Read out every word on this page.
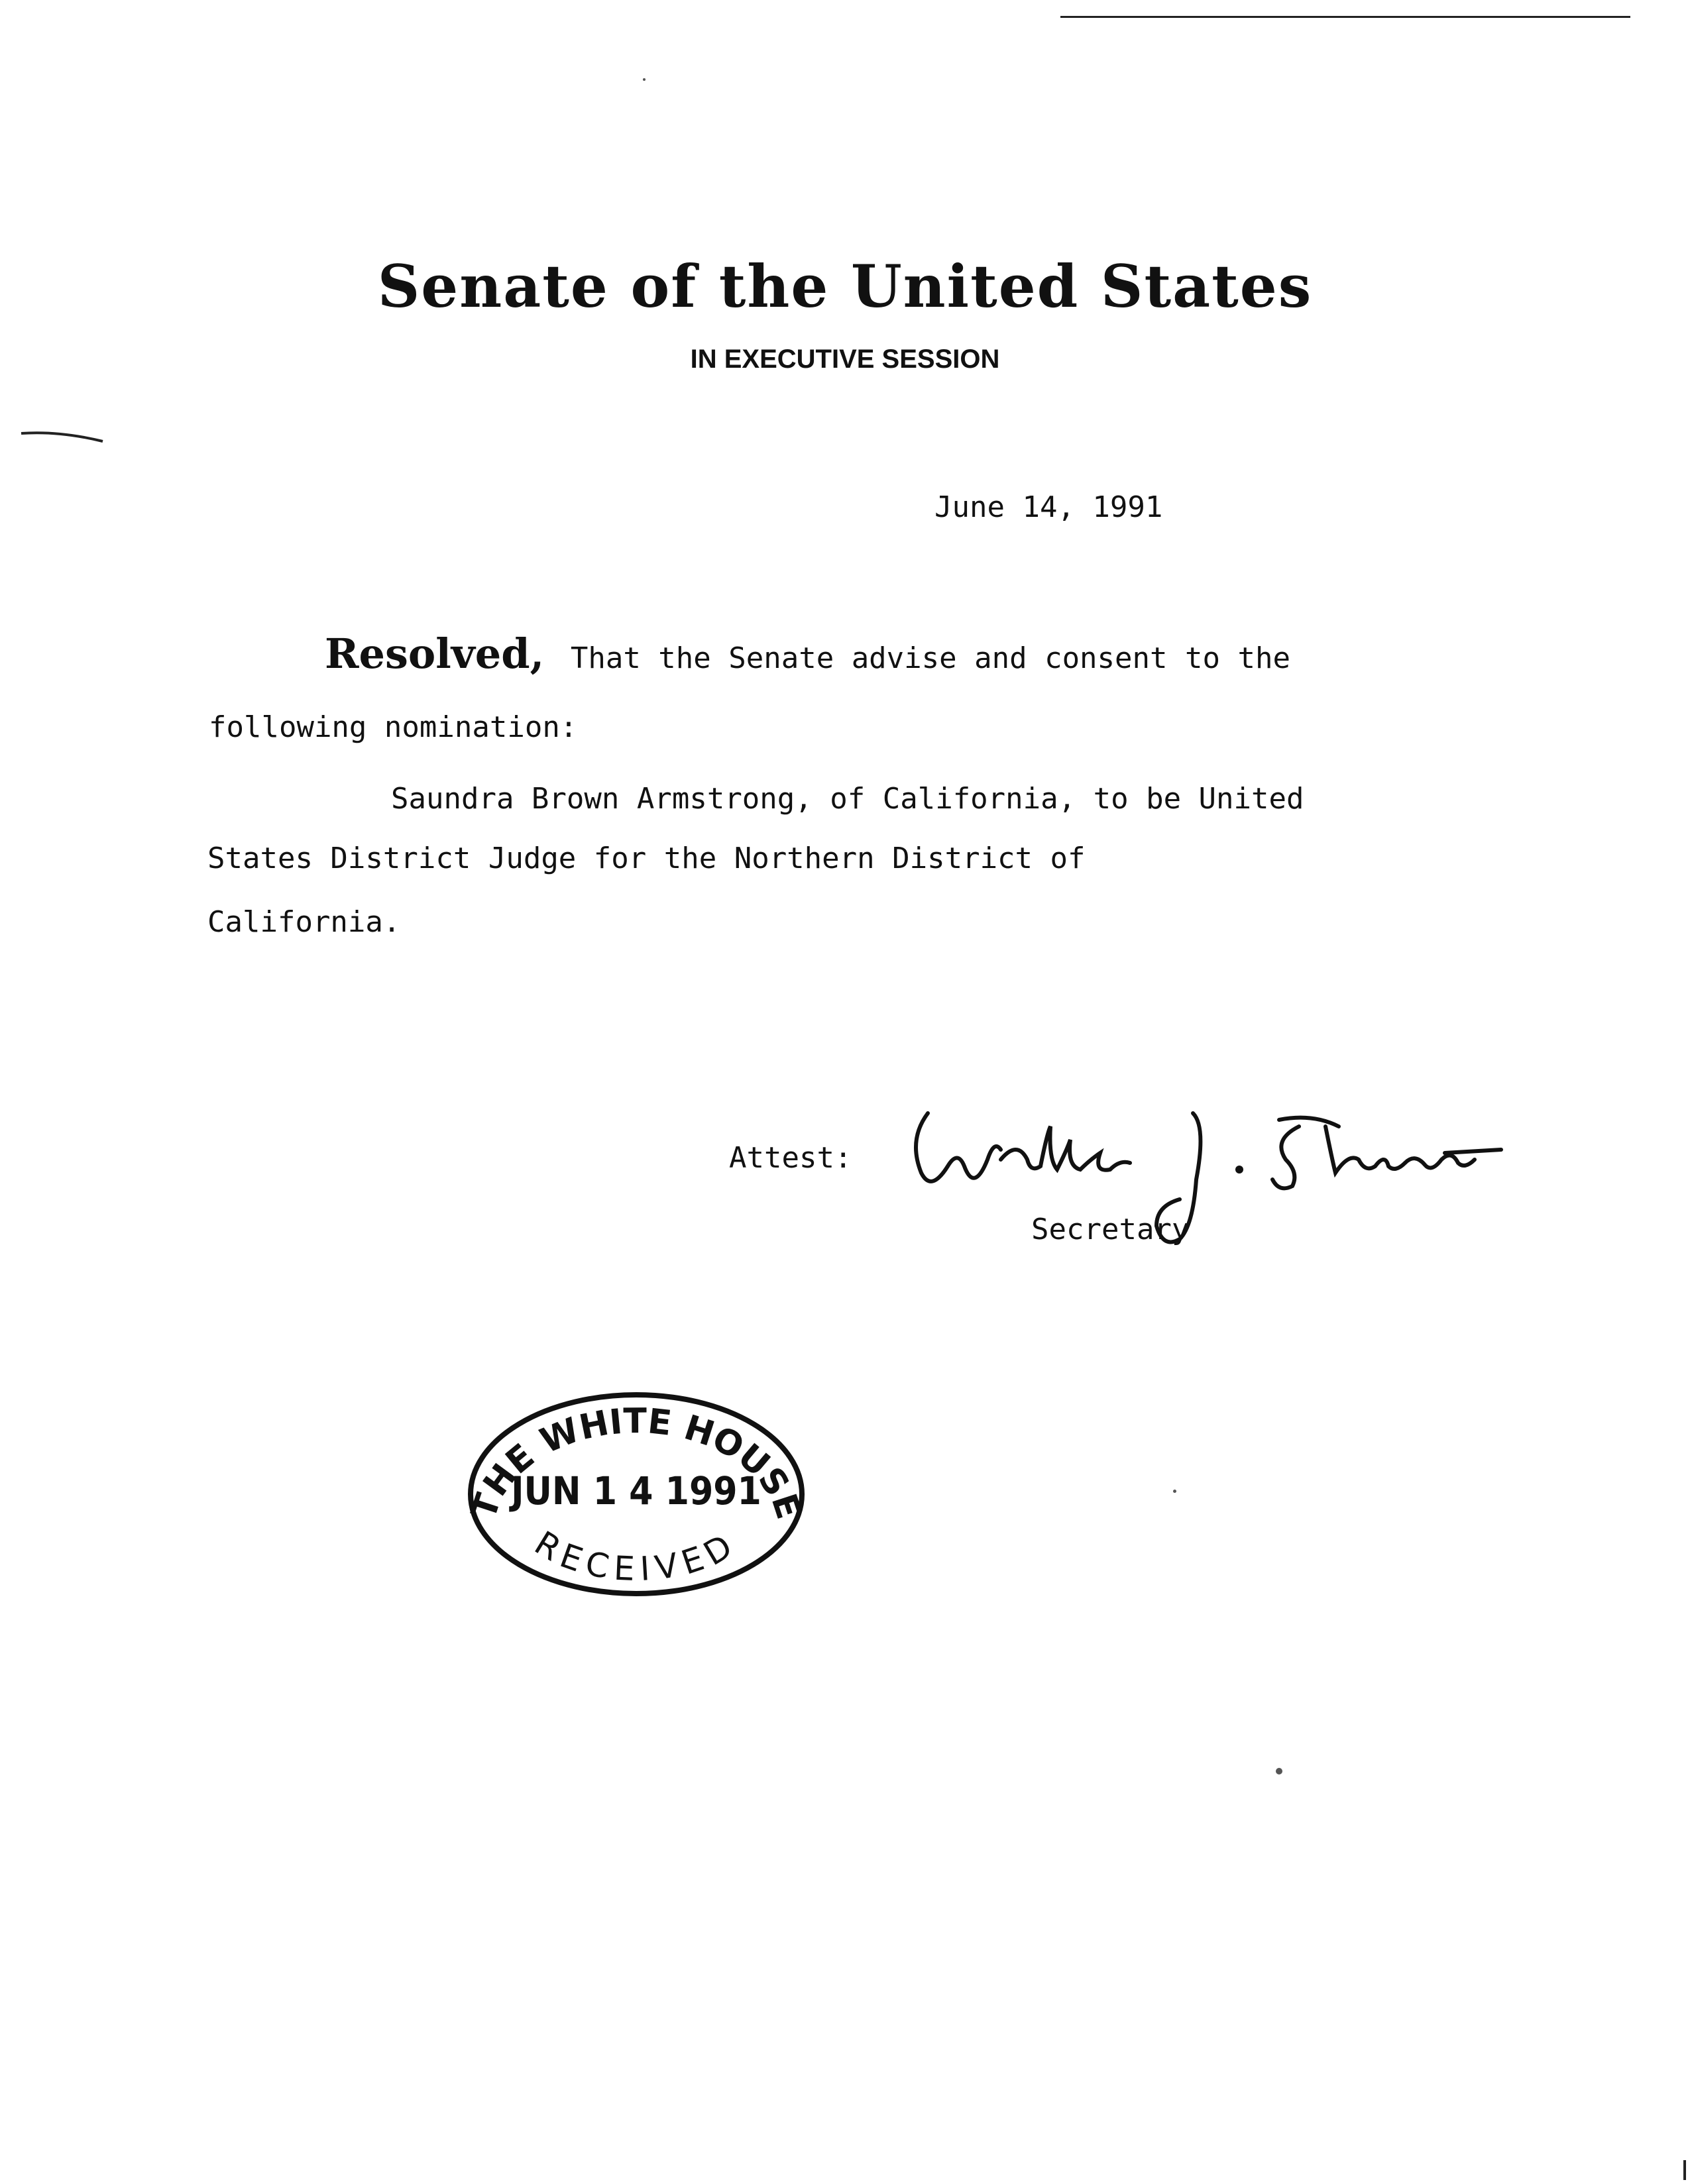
Senate of the United States
IN EXECUTIVE SESSION
June 14, 1991
Resolved, That the Senate advise and consent to the
following nomination:
Saundra Brown Armstrong, of California, to be United
States District Judge for the Northern District of
California.
Attest:
Secretary
THE WHITE HOUSE
JUN 1 4 1991
RECEIVED
